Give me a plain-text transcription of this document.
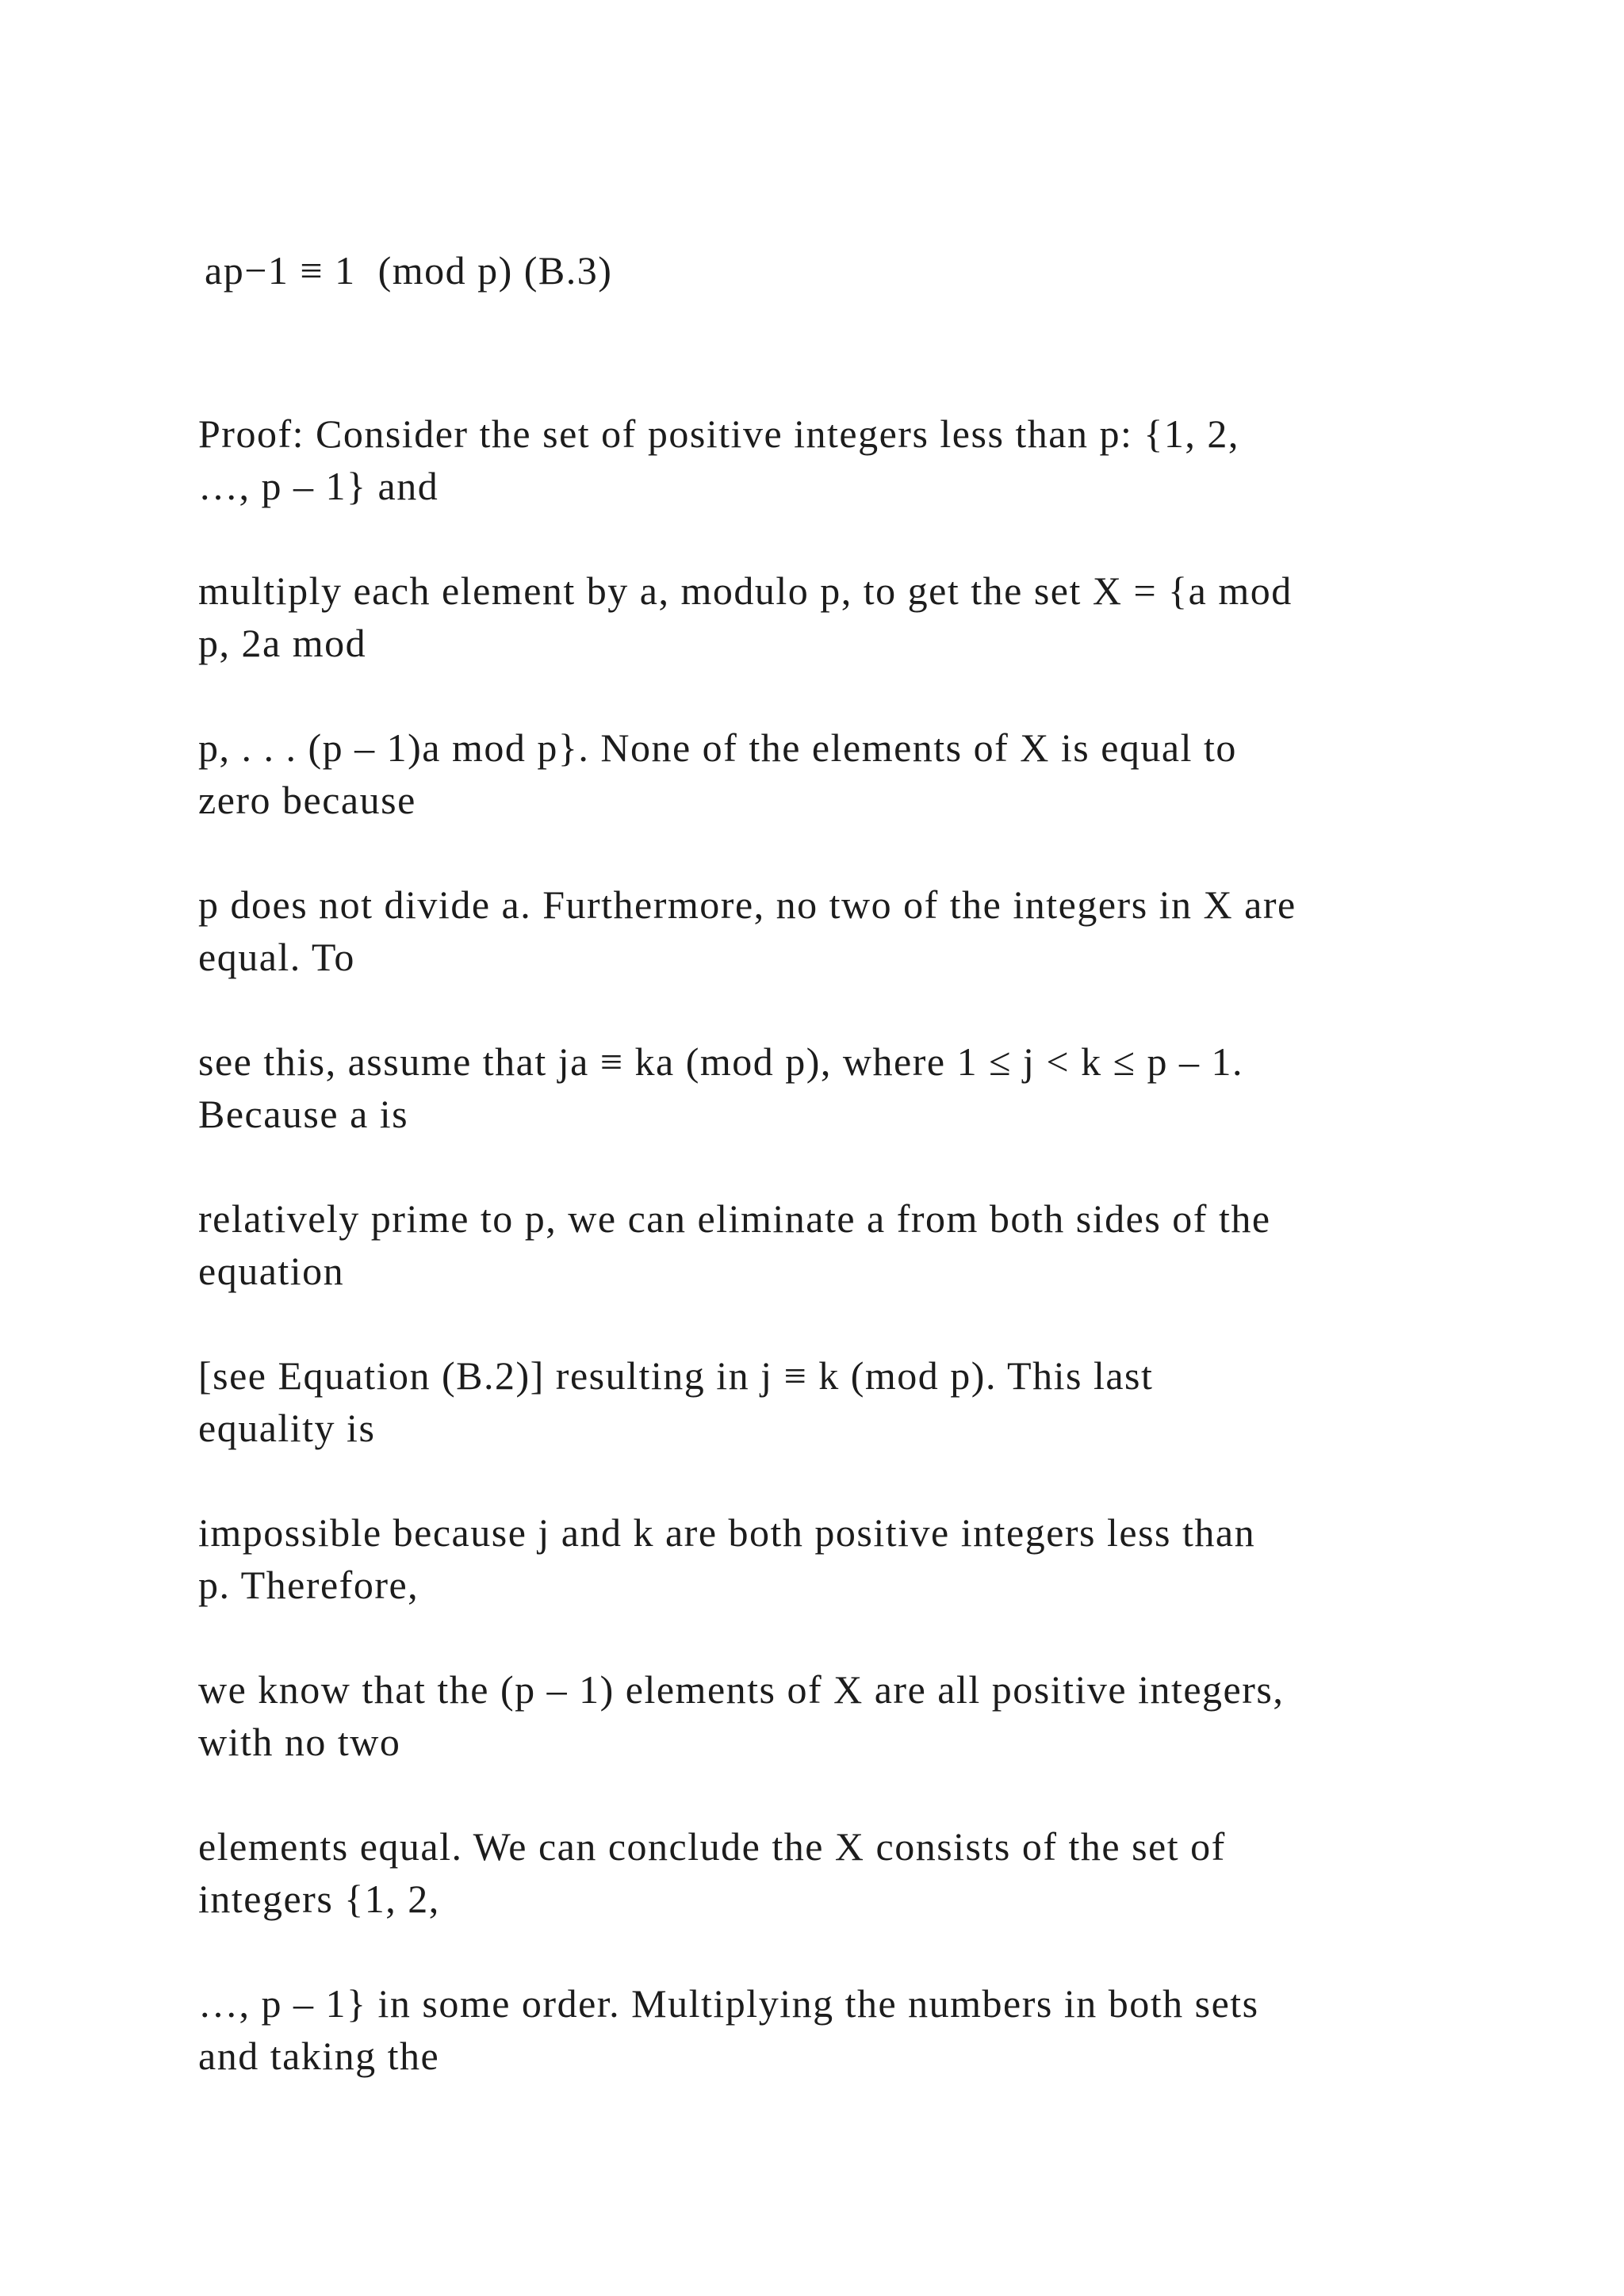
ap−1 ≡ 1  (mod p) (B.3)
Proof: Consider the set of positive integers less than p: {1, 2,
…, p – 1} and
multiply each element by a, modulo p, to get the set X = {a mod
p, 2a mod
p, . . . (p – 1)a mod p}. None of the elements of X is equal to
zero because
p does not divide a. Furthermore, no two of the integers in X are
equal. To
see this, assume that ja ≡ ka (mod p), where 1 ≤ j < k ≤ p – 1.
Because a is
relatively prime to p, we can eliminate a from both sides of the
equation
[see Equation (B.2)] resulting in j ≡ k (mod p). This last
equality is
impossible because j and k are both positive integers less than
p. Therefore,
we know that the (p – 1) elements of X are all positive integers,
with no two
elements equal. We can conclude the X consists of the set of
integers {1, 2,
…, p – 1} in some order. Multiplying the numbers in both sets
and taking the
